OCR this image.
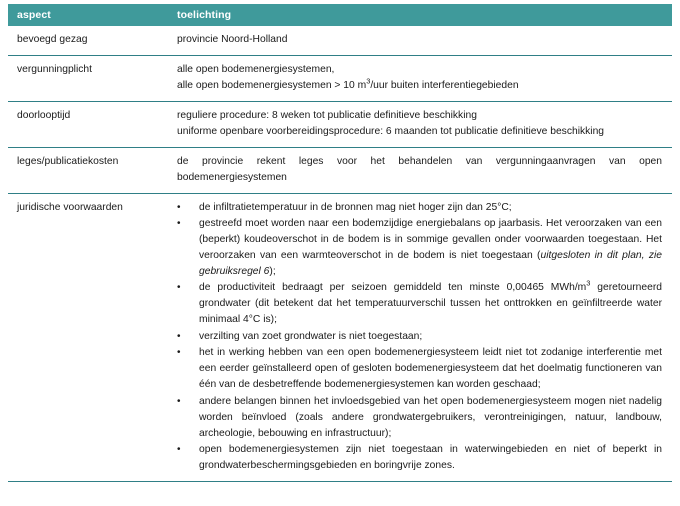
aspect	toelichting
bevoegd gezag	provincie Noord-Holland

vergunningplicht	alle open bodemenergiesystemen,
alle open bodemenergiesystemen > 10 $m^3$/uur buiten interferentiegebieden

doorlooptijd	reguliere procedure: 8 weken tot publicatie definitieve beschikking
uniforme openbare voorbereidingsprocedure: 6 maanden tot publicatie definitieve beschikking

leges/publicatiekosten	de provincie rekent leges voor het behandelen van vergunningaanvragen van open bodemenergiesystemen

juridische voorwaarden	• de infiltratietemperatuur in de bronnen mag niet hoger zijn dan 25°C;
• gestreefd moet worden naar een bodemzijdige energiebalans op jaarbasis. Het veroorzaken van een (beperkt) koudeoverschot in de bodem is in sommige gevallen onder voorwaarden toegestaan. Het veroorzaken van een warmteoverschot in de bodem is niet toegestaan (uitgesloten in dit plan, zie gebruiksregel 6);
• de productiviteit bedraagt per seizoen gemiddeld ten minste 0,00465 MWh/$m^3$ geretourneerd grondwater (dit betekent dat het temperatuurverschil tussen het onttrokken en geïnfiltreerde water minimaal 4°C is);
• verzilting van zoet grondwater is niet toegestaan;
• het in werking hebben van een open bodemenergiesysteem leidt niet tot zodanige interferentie met een eerder geïnstalleerd open of gesloten bodemenergiesysteem dat het doelmatig functioneren van één van de desbetreffende bodemenergiesystemen kan worden geschaad;
• andere belangen binnen het invloedsgebied van het open bodemenergiesysteem mogen niet nadelig worden beïnvloed (zoals andere grondwatergebruikers, verontreinigingen, natuur, landbouw, archeologie, bebouwing en infrastructuur);
• open bodemenergiesystemen zijn niet toegestaan in waterwingebieden en niet of beperkt in grondwaterbeschermingsgebieden en boringvrije zones.
